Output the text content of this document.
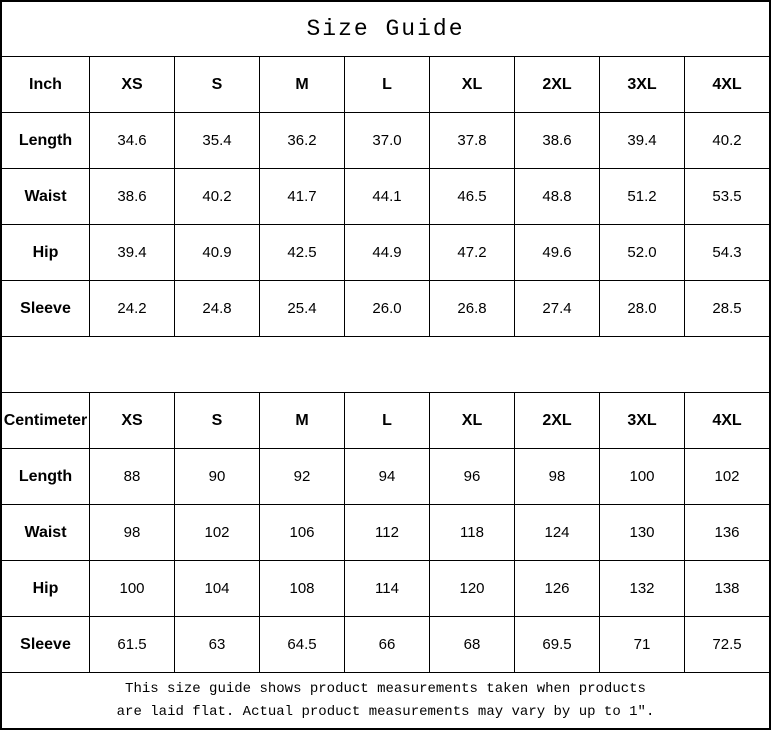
Size Guide
Inch	XS	S	M	L	XL	2XL	3XL	4XL
Length	34.6	35.4	36.2	37.0	37.8	38.6	39.4	40.2
Waist	38.6	40.2	41.7	44.1	46.5	48.8	51.2	53.5
Hip	39.4	40.9	42.5	44.9	47.2	49.6	52.0	54.3
Sleeve	24.2	24.8	25.4	26.0	26.8	27.4	28.0	28.5
Centimeter	XS	S	M	L	XL	2XL	3XL	4XL
Length	88	90	92	94	96	98	100	102
Waist	98	102	106	112	118	124	130	136
Hip	100	104	108	114	120	126	132	138
Sleeve	61.5	63	64.5	66	68	69.5	71	72.5
This size guide shows product measurements taken when products
are laid flat. Actual product measurements may vary by up to 1″.
